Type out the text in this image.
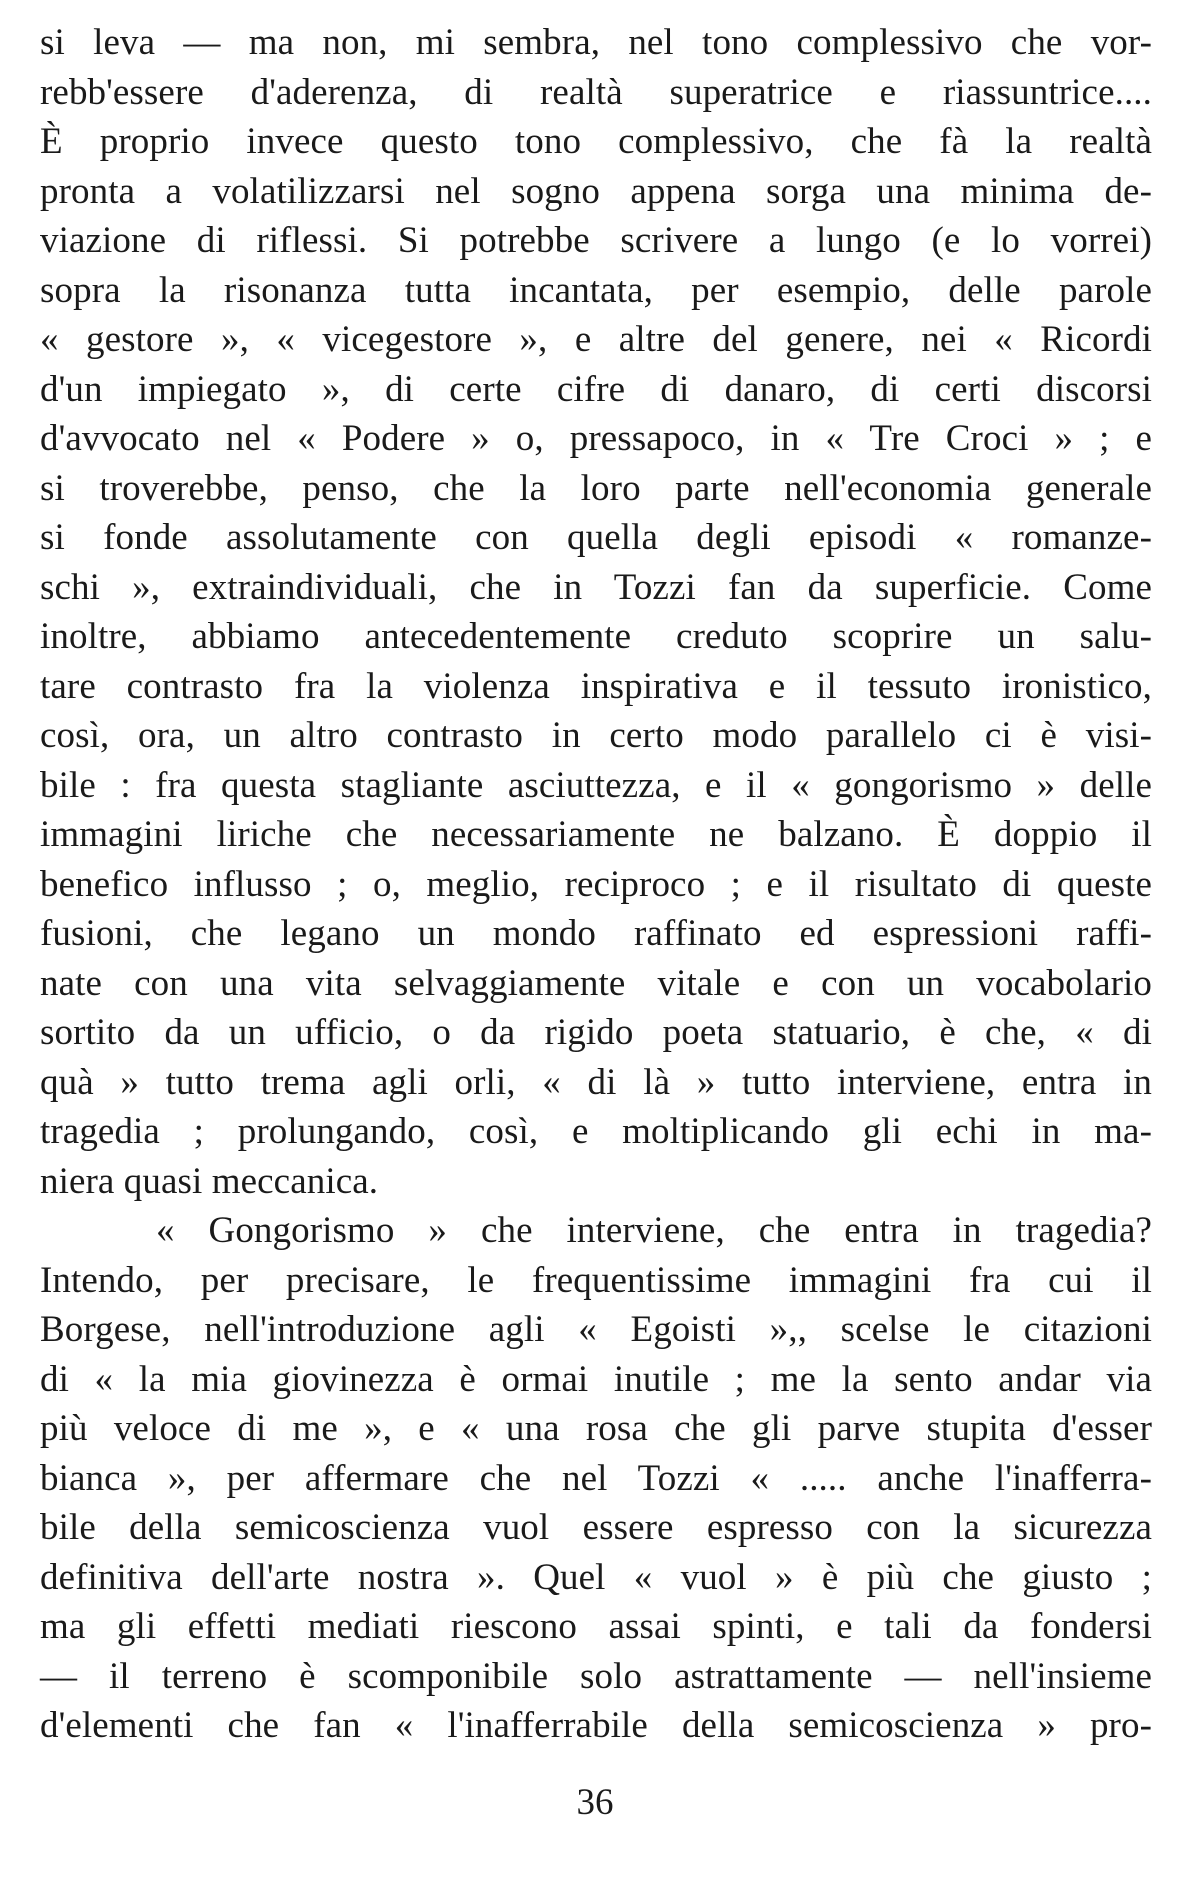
si leva — ma non, mi sembra, nel tono complessivo che vor-
rebb'essere d'aderenza, di realtà superatrice e riassuntrice....
È proprio invece questo tono complessivo, che fà la realtà
pronta a volatilizzarsi nel sogno appena sorga una minima de-
viazione di riflessi. Si potrebbe scrivere a lungo (e lo vorrei)
sopra la risonanza tutta incantata, per esempio, delle parole
« gestore », « vicegestore », e altre del genere, nei « Ricordi
d'un impiegato », di certe cifre di danaro, di certi discorsi
d'avvocato nel « Podere » o, pressapoco, in « Tre Croci » ; e
si troverebbe, penso, che la loro parte nell'economia generale
si fonde assolutamente con quella degli episodi « romanze-
schi », extraindividuali, che in Tozzi fan da superficie. Come
inoltre, abbiamo antecedentemente creduto scoprire un salu-
tare contrasto fra la violenza inspirativa e il tessuto ironistico,
così, ora, un altro contrasto in certo modo parallelo ci è visi-
bile : fra questa stagliante asciuttezza, e il « gongorismo » delle
immagini liriche che necessariamente ne balzano. È doppio il
benefico influsso ; o, meglio, reciproco ; e il risultato di queste
fusioni, che legano un mondo raffinato ed espressioni raffi-
nate con una vita selvaggiamente vitale e con un vocabolario
sortito da un ufficio, o da rigido poeta statuario, è che, « di
quà » tutto trema agli orli, « di là » tutto interviene, entra in
tragedia ; prolungando, così, e moltiplicando gli echi in ma-
niera quasi meccanica.
« Gongorismo » che interviene, che entra in tragedia?
Intendo, per precisare, le frequentissime immagini fra cui il
Borgese, nell'introduzione agli « Egoisti »,, scelse le citazioni
di « la mia giovinezza è ormai inutile ; me la sento andar via
più veloce di me », e « una rosa che gli parve stupita d'esser
bianca », per affermare che nel Tozzi « ..... anche l'inafferra-
bile della semicoscienza vuol essere espresso con la sicurezza
definitiva dell'arte nostra ». Quel « vuol » è più che giusto ;
ma gli effetti mediati riescono assai spinti, e tali da fondersi
— il terreno è scomponibile solo astrattamente — nell'insieme
d'elementi che fan « l'inafferrabile della semicoscienza » pro-
36
